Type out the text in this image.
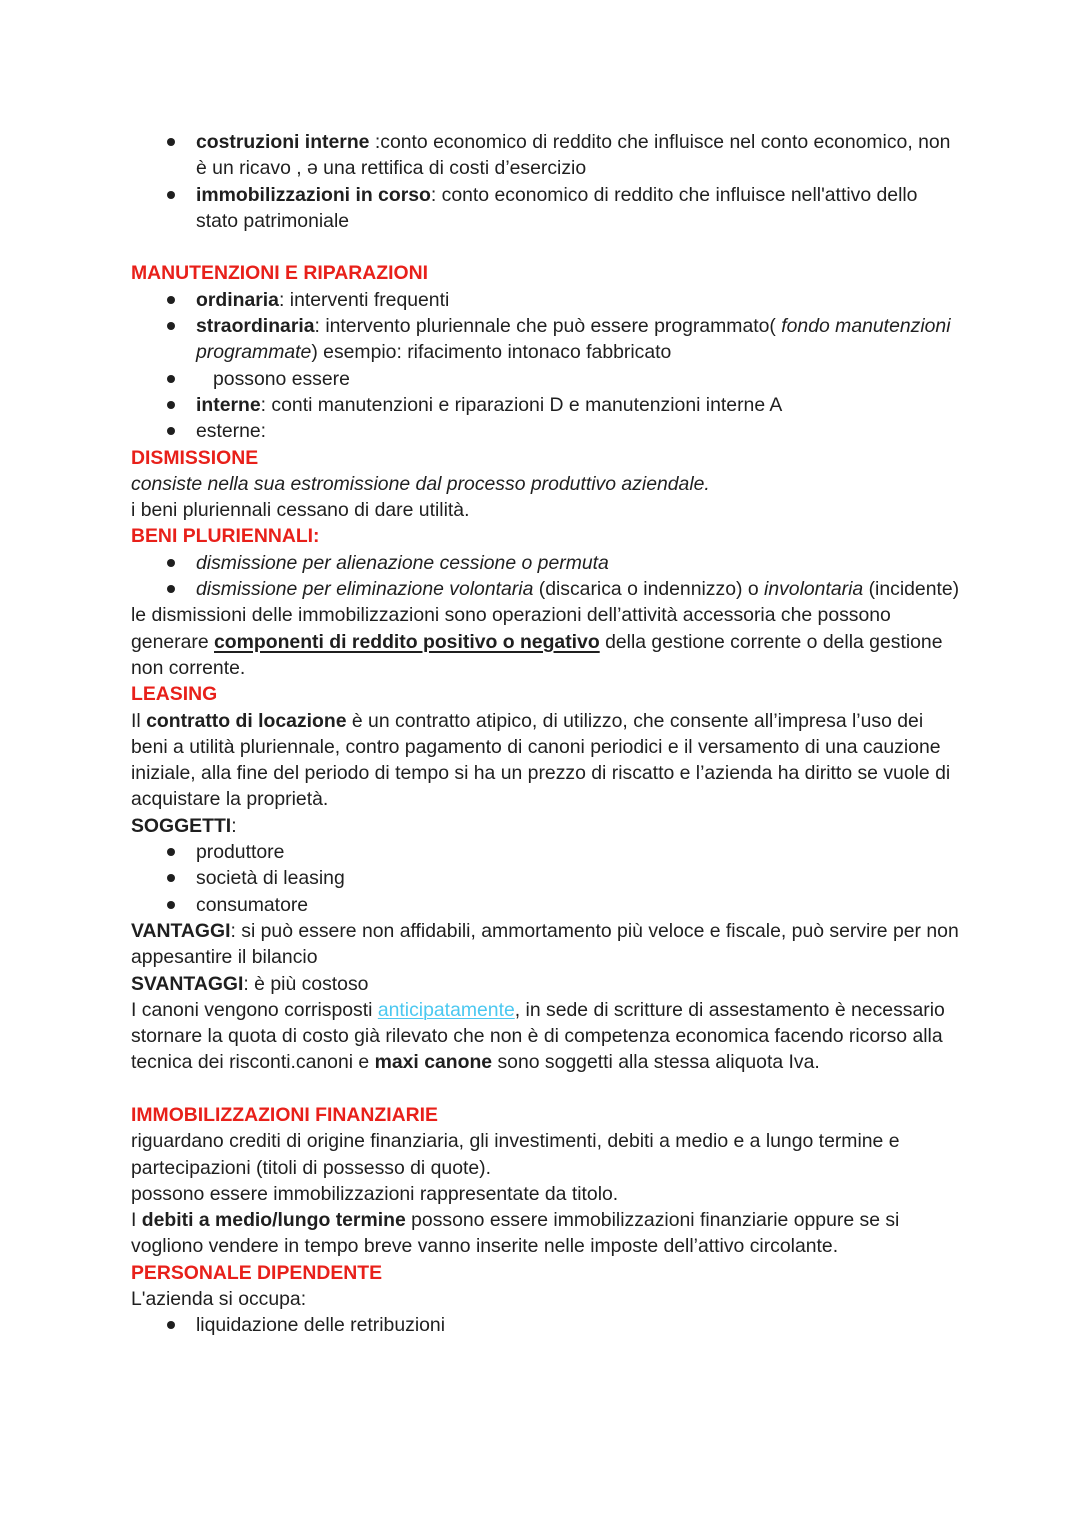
costruzioni interne :conto economico di reddito che influisce nel conto economico, non è un ricavo , ə una rettifica di costi d’esercizio
immobilizzazioni in corso: conto economico di reddito che influisce nell'attivo dello stato patrimoniale

MANUTENZIONI E RIPARAZIONI

ordinaria: interventi frequenti
straordinaria: intervento pluriennale che può essere programmato( fondo manutenzioni programmate) esempio: rifacimento intonaco fabbricato
possono essere
interne: conti manutenzioni e riparazioni D e manutenzioni interne A
esterne:

DISMISSIONE

consiste nella sua estromissione dal processo produttivo aziendale.

i beni pluriennali cessano di dare utilità.

BENI PLURIENNALI:

dismissione per alienazione cessione o permuta
dismissione per eliminazione volontaria (discarica o indennizzo) o involontaria (incidente)

le dismissioni delle immobilizzazioni sono operazioni dell’attività accessoria che possono generare componenti di reddito positivo o negativo della gestione corrente o della gestione non corrente.

LEASING

Il contratto di locazione è un contratto atipico, di utilizzo, che consente all’impresa l’uso dei beni a utilità pluriennale, contro pagamento di canoni periodici e il versamento di una cauzione iniziale, alla fine del periodo di tempo si ha un prezzo di riscatto e l’azienda ha diritto se vuole di acquistare la proprietà.

SOGGETTI:

produttore
società di leasing
consumatore

VANTAGGI: si può essere non affidabili, ammortamento più veloce e fiscale, può servire per non appesantire il bilancio

SVANTAGGI: è più costoso

I canoni vengono corrisposti anticipatamente, in sede di scritture di assestamento è necessario stornare la quota di costo già rilevato che non è di competenza economica facendo ricorso alla tecnica dei risconti.canoni e maxi canone sono soggetti alla stessa aliquota Iva.

IMMOBILIZZAZIONI FINANZIARIE

riguardano crediti di origine finanziaria, gli investimenti, debiti a medio e a lungo termine e partecipazioni (titoli di possesso di quote).

possono essere immobilizzazioni rappresentate da titolo.

I debiti a medio/lungo termine possono essere immobilizzazioni finanziarie oppure se si vogliono vendere in tempo breve vanno inserite nelle imposte dell’attivo circolante.

PERSONALE DIPENDENTE

L'azienda si occupa:

liquidazione delle retribuzioni
